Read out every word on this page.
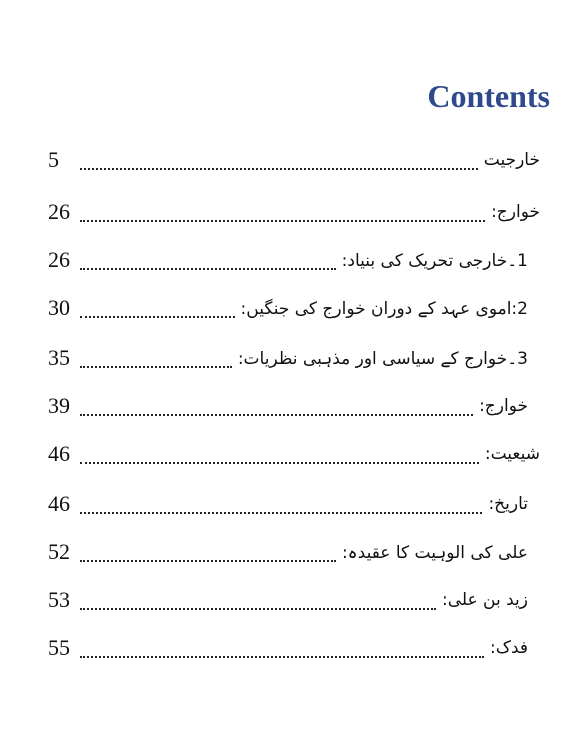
Contents
خارجیت
5
خوارج:
26
1۔خارجی تحریک کی بنیاد:
26
2:اموی عہد کے دوران خوارج کی جنگیں:
30
3۔خوارج کے سیاسی اور مذہبی نظریات:
35
خوارج:
39
شیعیت:
46
تاریخ:
46
علی کی الوہیت کا عقیدہ:
52
زید بن علی:
53
فدک:
55
